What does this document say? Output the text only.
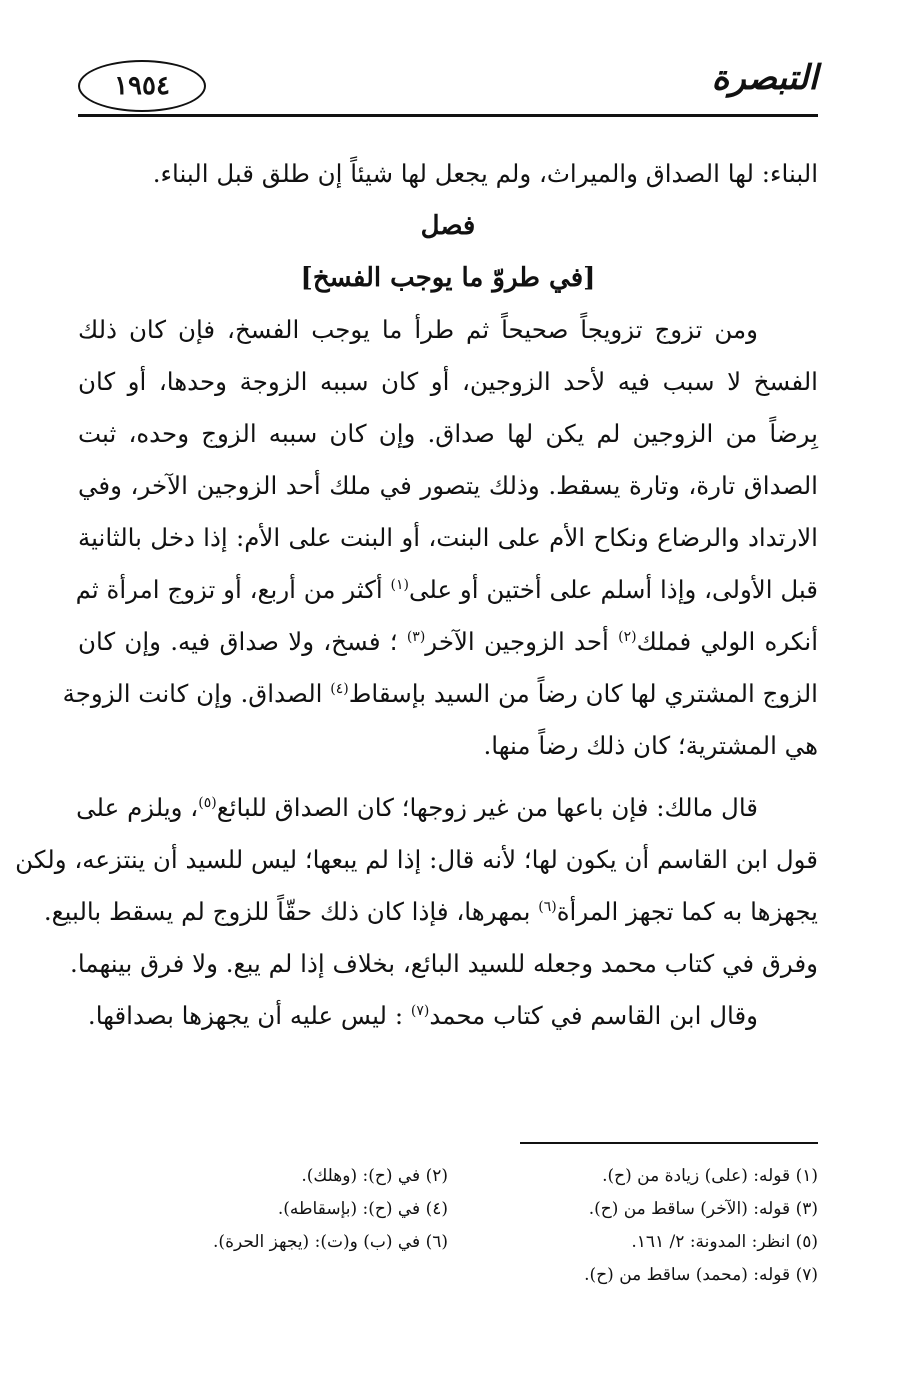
التبصرة
١٩٥٤
البناء: لها الصداق والميراث، ولم يجعل لها شيئاً إن طلق قبل البناء.
فصل
[في طروّ ما يوجب الفسخ]
ومن تزوج تزويجاً صحيحاً ثم طرأ ما يوجب الفسخ، فإن كان ذلك
الفسخ لا سبب فيه لأحد الزوجين، أو كان سببه الزوجة وحدها، أو كان
بِرضاً من الزوجين لم يكن لها صداق. وإن كان سببه الزوج وحده، ثبت
الصداق تارة، وتارة يسقط. وذلك يتصور في ملك أحد الزوجين الآخر، وفي
الارتداد والرضاع ونكاح الأم على البنت، أو البنت على الأم: إذا دخل بالثانية
قبل الأولى، وإذا أسلم على أختين أو على$^{(١)}$ أكثر من أربع، أو تزوج امرأة ثم
أنكره الولي فملك$^{(٢)}$ أحد الزوجين الآخر$^{(٣)}$ ؛ فسخ، ولا صداق فيه. وإن كان
الزوج المشتري لها كان رضاً من السيد بإسقاط$^{(٤)}$ الصداق. وإن كانت الزوجة
هي المشترية؛ كان ذلك رضاً منها.
قال مالك: فإن باعها من غير زوجها؛ كان الصداق للبائع$^{(٥)}$، ويلزم على
قول ابن القاسم أن يكون لها؛ لأنه قال: إذا لم يبعها؛ ليس للسيد أن ينتزعه، ولكن
يجهزها به كما تجهز المرأة$^{(٦)}$ بمهرها، فإذا كان ذلك حقّاً للزوج لم يسقط بالبيع.
وفرق في كتاب محمد وجعله للسيد البائع، بخلاف إذا لم يبع. ولا فرق بينهما.
وقال ابن القاسم في كتاب محمد$^{(٧)}$ : ليس عليه أن يجهزها بصداقها.
(١) قوله: (على) زيادة من (ح).
(٢) في (ح): (وهلك).
(٣) قوله: (الآخر) ساقط من (ح).
(٤) في (ح): (بإسقاطه).
(٥) انظر: المدونة: ٢/ ١٦١.
(٦) في (ب) و(ت): (يجهز الحرة).
(٧) قوله: (محمد) ساقط من (ح).
